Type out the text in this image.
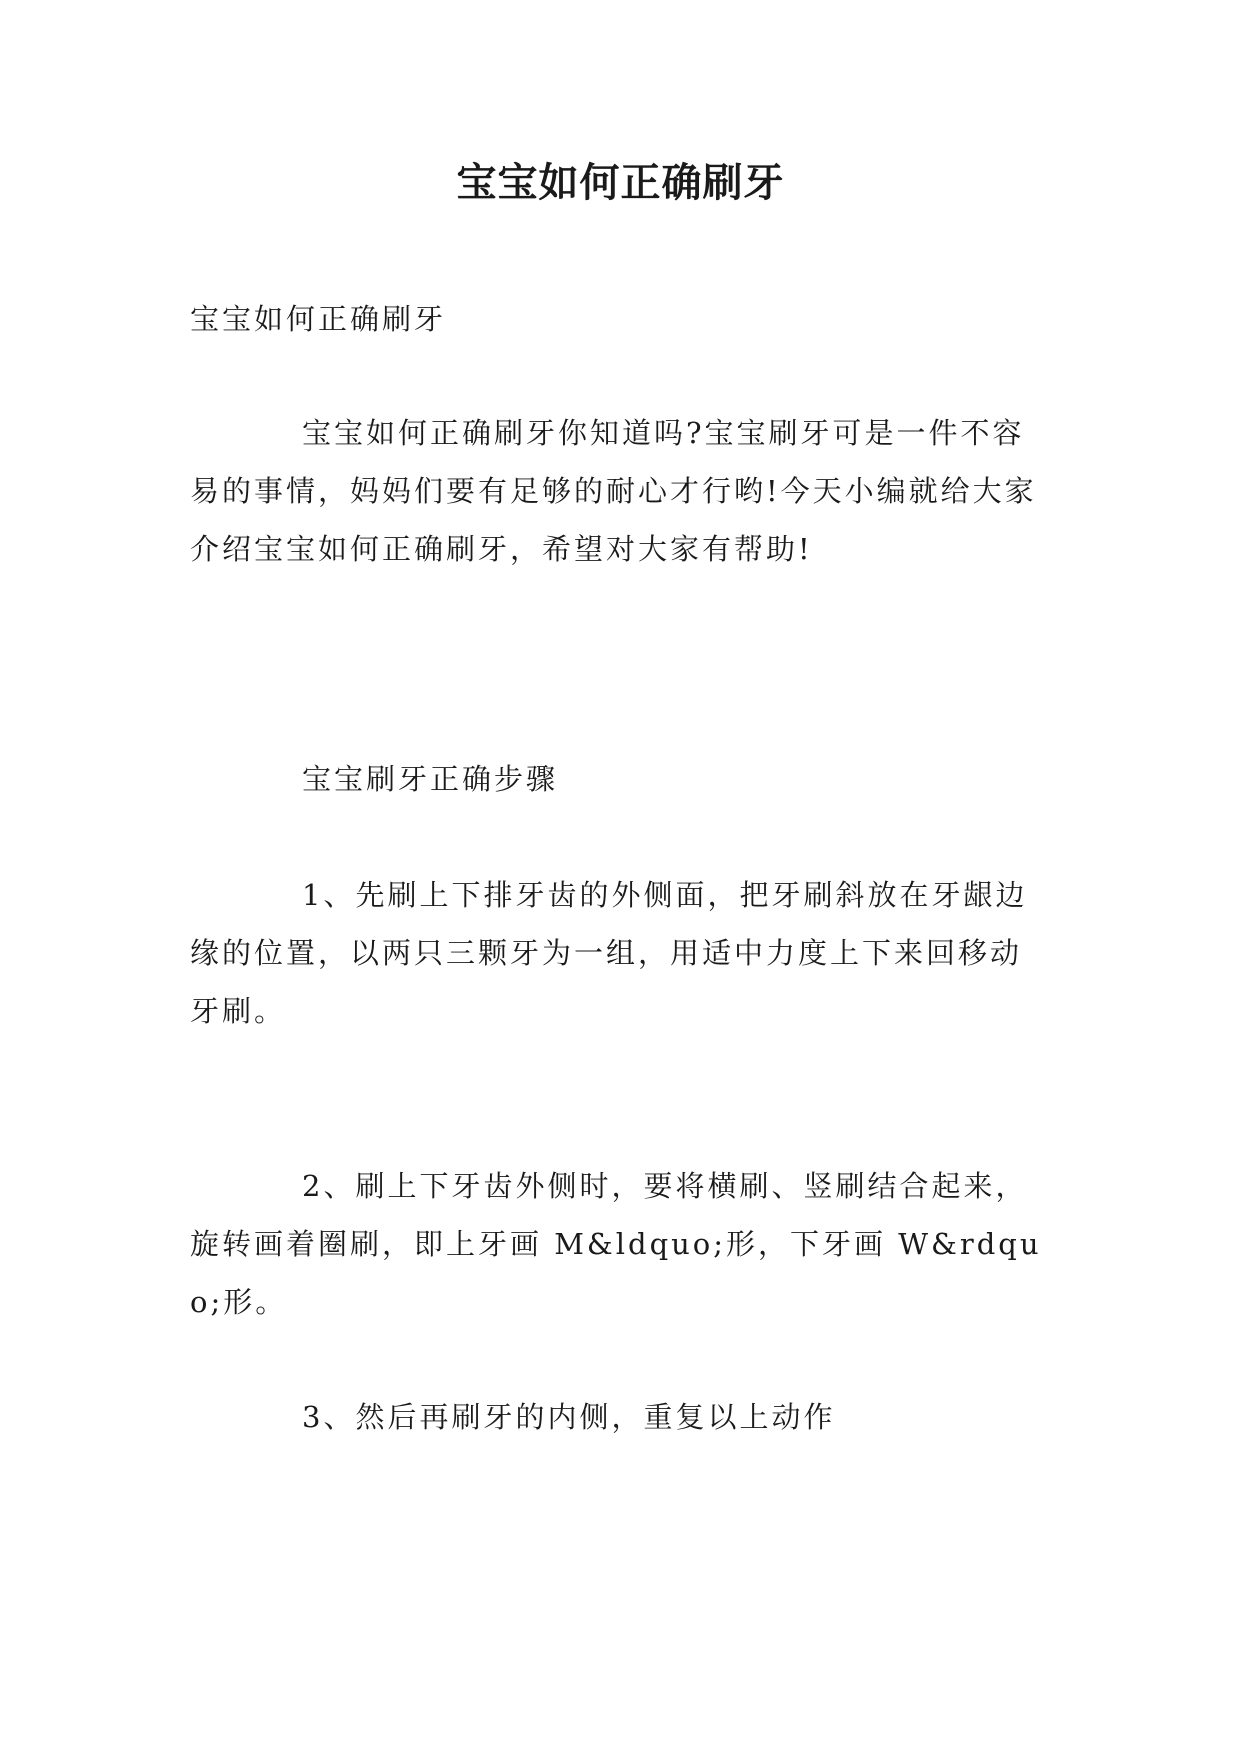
宝宝如何正确刷牙

宝宝如何正确刷牙

宝宝如何正确刷牙你知道吗?宝宝刷牙可是一件不容易的事情，妈妈们要有足够的耐心才行哟!今天小编就给大家介绍宝宝如何正确刷牙，希望对大家有帮助!

宝宝刷牙正确步骤

1、先刷上下排牙齿的外侧面，把牙刷斜放在牙龈边缘的位置，以两只三颗牙为一组，用适中力度上下来回移动牙刷。

2、刷上下牙齿外侧时，要将横刷、竖刷结合起来，旋转画着圈刷，即上牙画 M&ldquo;形，下牙画 W&rdquo;形。

3、然后再刷牙的内侧，重复以上动作
